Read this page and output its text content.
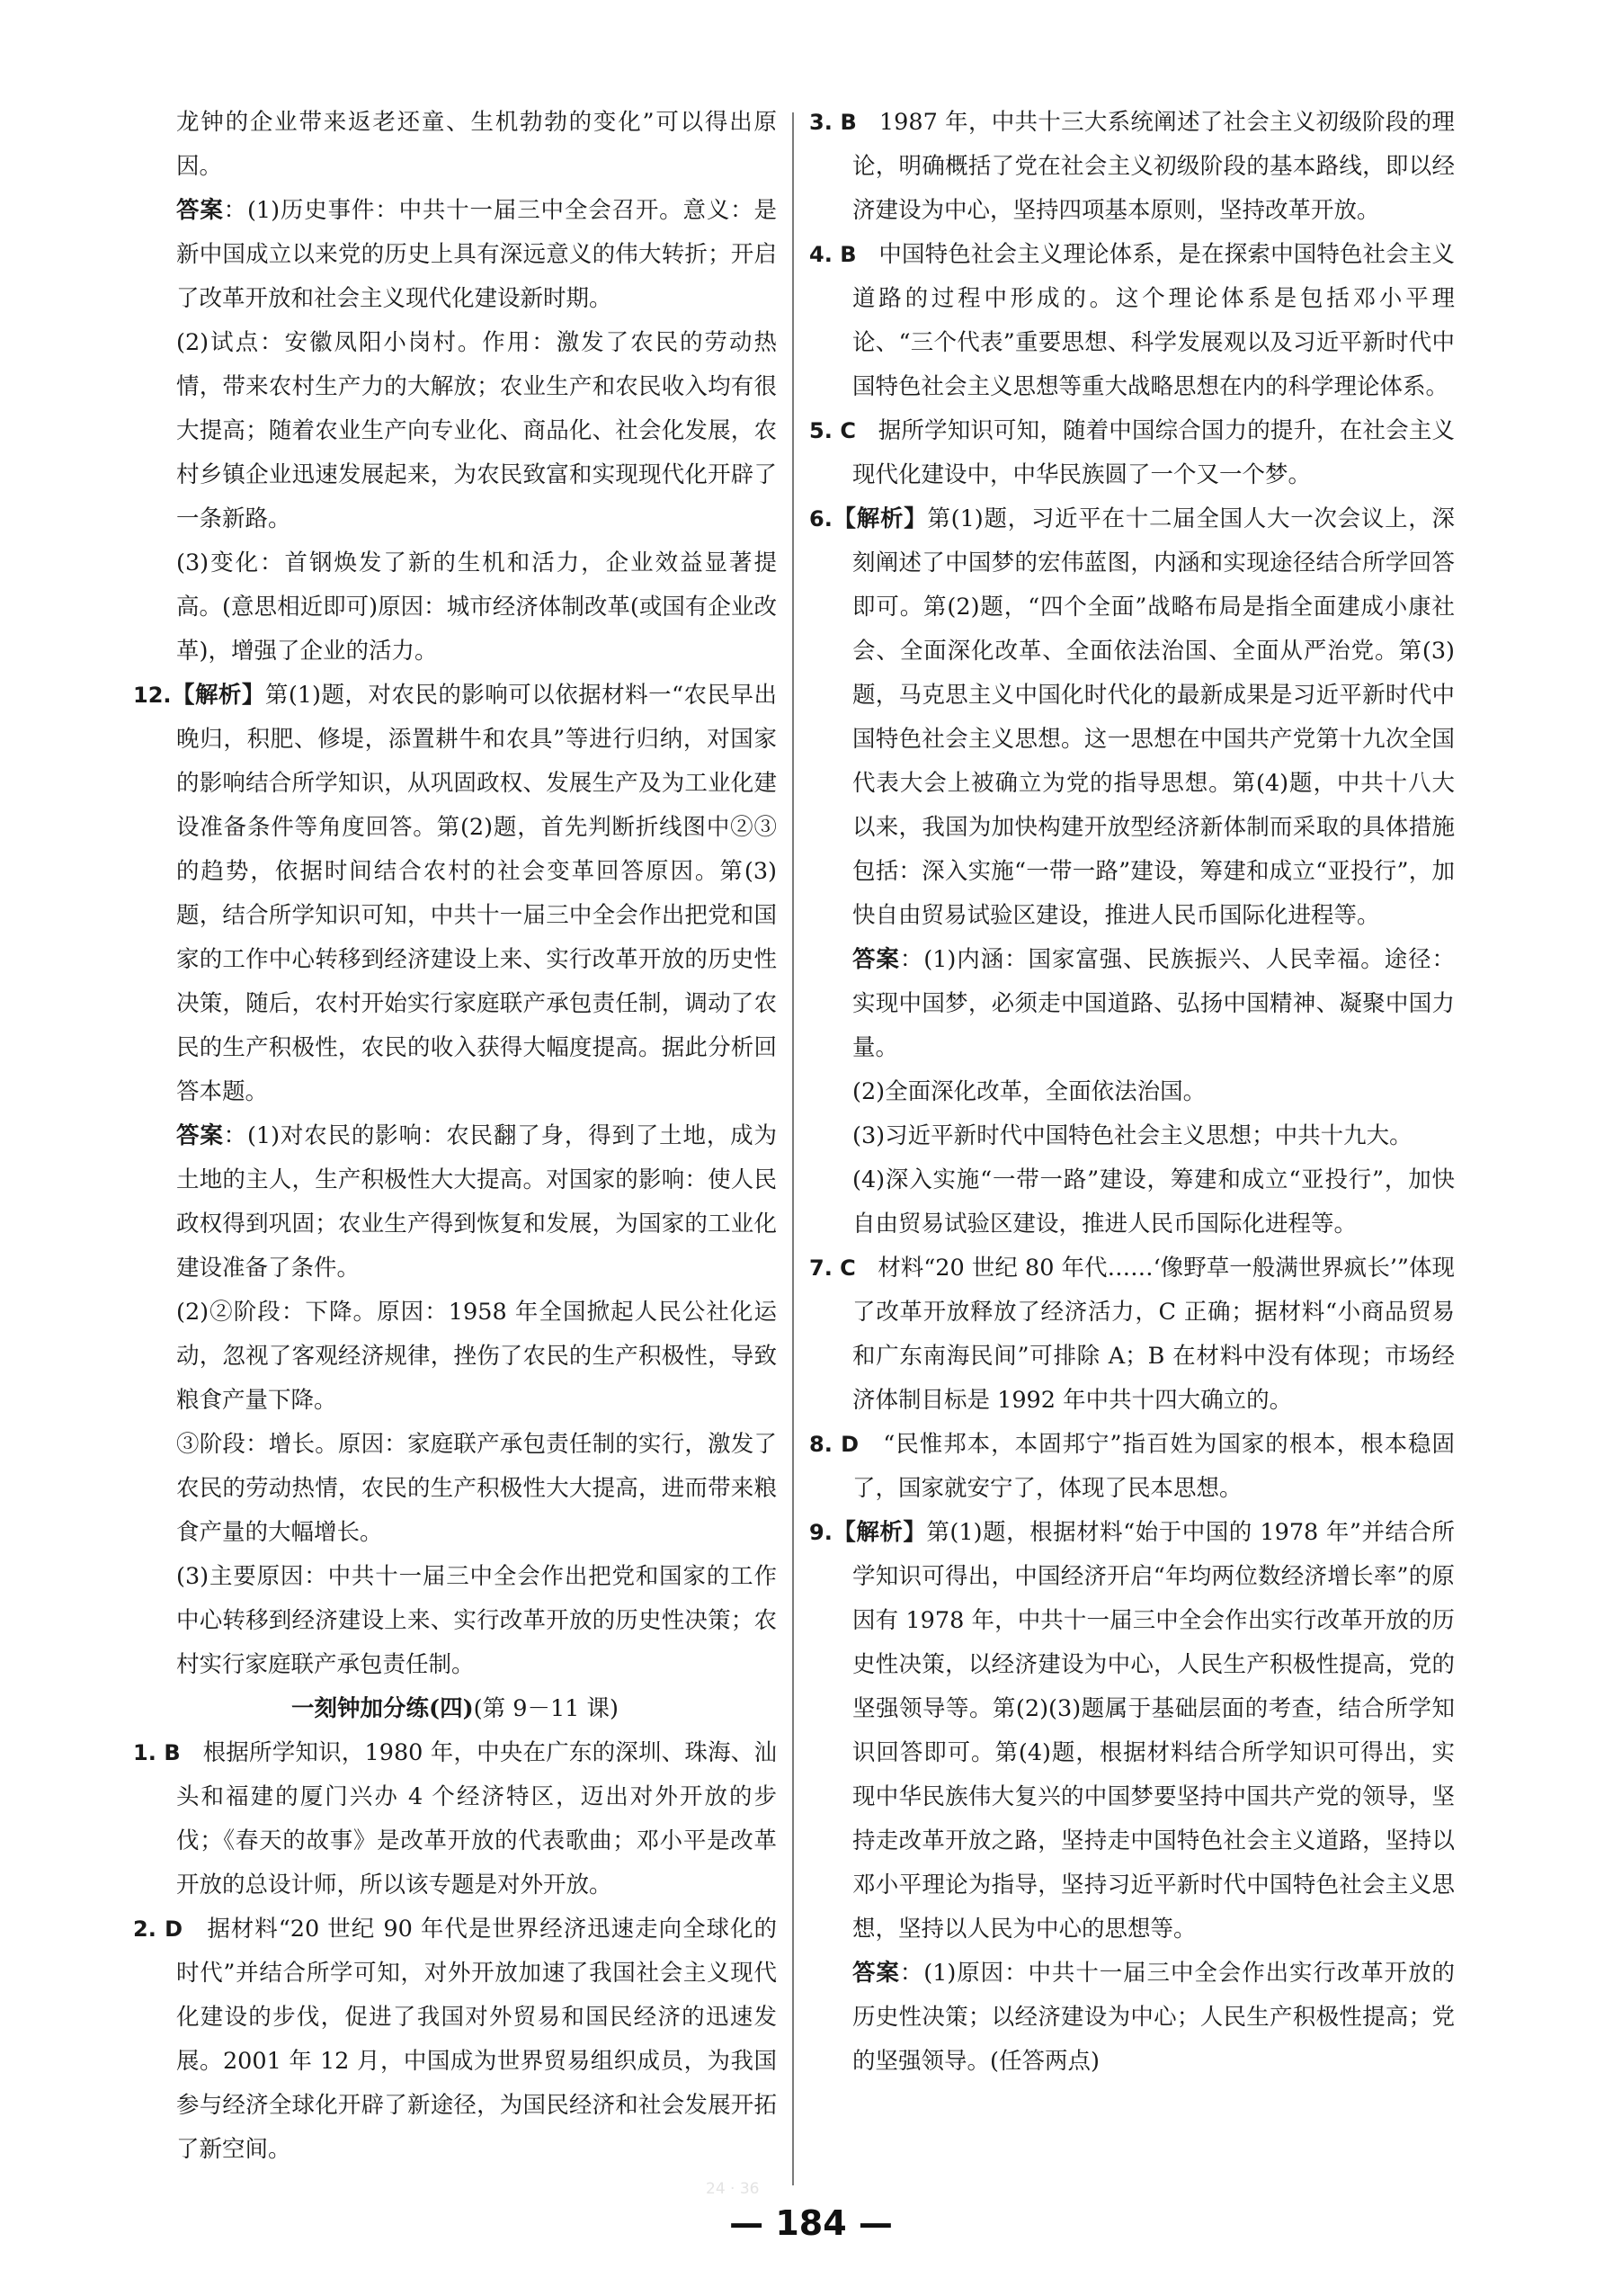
龙钟的企业带来返老还童、生机勃勃的变化”可以得出原因。

答案：(1)历史事件：中共十一届三中全会召开。意义：是新中国成立以来党的历史上具有深远意义的伟大转折；开启了改革开放和社会主义现代化建设新时期。

(2)试点：安徽凤阳小岗村。作用：激发了农民的劳动热情，带来农村生产力的大解放；农业生产和农民收入均有很大提高；随着农业生产向专业化、商品化、社会化发展，农村乡镇企业迅速发展起来，为农民致富和实现现代化开辟了一条新路。

(3)变化：首钢焕发了新的生机和活力，企业效益显著提高。(意思相近即可)原因：城市经济体制改革(或国有企业改革)，增强了企业的活力。

12.【解析】第(1)题，对农民的影响可以依据材料一“农民早出晚归，积肥、修堤，添置耕牛和农具”等进行归纳，对国家的影响结合所学知识，从巩固政权、发展生产及为工业化建设准备条件等角度回答。第(2)题，首先判断折线图中②③的趋势，依据时间结合农村的社会变革回答原因。第(3)题，结合所学知识可知，中共十一届三中全会作出把党和国家的工作中心转移到经济建设上来、实行改革开放的历史性决策，随后，农村开始实行家庭联产承包责任制，调动了农民的生产积极性，农民的收入获得大幅度提高。据此分析回答本题。

答案：(1)对农民的影响：农民翻了身，得到了土地，成为土地的主人，生产积极性大大提高。对国家的影响：使人民政权得到巩固；农业生产得到恢复和发展，为国家的工业化建设准备了条件。

(2)②阶段：下降。原因：1958 年全国掀起人民公社化运动，忽视了客观经济规律，挫伤了农民的生产积极性，导致粮食产量下降。

③阶段：增长。原因：家庭联产承包责任制的实行，激发了农民的劳动热情，农民的生产积极性大大提高，进而带来粮食产量的大幅增长。

(3)主要原因：中共十一届三中全会作出把党和国家的工作中心转移到经济建设上来、实行改革开放的历史性决策；农村实行家庭联产承包责任制。

一刻钟加分练(四)(第 9－11 课)

1. B 根据所学知识，1980 年，中央在广东的深圳、珠海、汕头和福建的厦门兴办 4 个经济特区，迈出对外开放的步伐；《春天的故事》是改革开放的代表歌曲；邓小平是改革开放的总设计师，所以该专题是对外开放。

2. D 据材料“20 世纪 90 年代是世界经济迅速走向全球化的时代”并结合所学可知，对外开放加速了我国社会主义现代化建设的步伐，促进了我国对外贸易和国民经济的迅速发展。2001 年 12 月，中国成为世界贸易组织成员，为我国参与经济全球化开辟了新途径，为国民经济和社会发展开拓了新空间。

3. B 1987 年，中共十三大系统阐述了社会主义初级阶段的理论，明确概括了党在社会主义初级阶段的基本路线，即以经济建设为中心，坚持四项基本原则，坚持改革开放。

4. B 中国特色社会主义理论体系，是在探索中国特色社会主义道路的过程中形成的。这个理论体系是包括邓小平理论、“三个代表”重要思想、科学发展观以及习近平新时代中国特色社会主义思想等重大战略思想在内的科学理论体系。

5. C 据所学知识可知，随着中国综合国力的提升，在社会主义现代化建设中，中华民族圆了一个又一个梦。

6.【解析】第(1)题，习近平在十二届全国人大一次会议上，深刻阐述了中国梦的宏伟蓝图，内涵和实现途径结合所学回答即可。第(2)题，“四个全面”战略布局是指全面建成小康社会、全面深化改革、全面依法治国、全面从严治党。第(3)题，马克思主义中国化时代化的最新成果是习近平新时代中国特色社会主义思想。这一思想在中国共产党第十九次全国代表大会上被确立为党的指导思想。第(4)题，中共十八大以来，我国为加快构建开放型经济新体制而采取的具体措施包括：深入实施“一带一路”建设，筹建和成立“亚投行”，加快自由贸易试验区建设，推进人民币国际化进程等。

答案：(1)内涵：国家富强、民族振兴、人民幸福。途径：实现中国梦，必须走中国道路、弘扬中国精神、凝聚中国力量。

(2)全面深化改革，全面依法治国。

(3)习近平新时代中国特色社会主义思想；中共十九大。

(4)深入实施“一带一路”建设，筹建和成立“亚投行”，加快自由贸易试验区建设，推进人民币国际化进程等。

7. C 材料“20 世纪 80 年代……‘像野草一般满世界疯长’”体现了改革开放释放了经济活力，C 正确；据材料“小商品贸易和广东南海民间”可排除 A；B 在材料中没有体现；市场经济体制目标是 1992 年中共十四大确立的。

8. D “民惟邦本，本固邦宁”指百姓为国家的根本，根本稳固了，国家就安宁了，体现了民本思想。

9.【解析】第(1)题，根据材料“始于中国的 1978 年”并结合所学知识可得出，中国经济开启“年均两位数经济增长率”的原因有 1978 年，中共十一届三中全会作出实行改革开放的历史性决策，以经济建设为中心，人民生产积极性提高，党的坚强领导等。第(2)(3)题属于基础层面的考查，结合所学知识回答即可。第(4)题，根据材料结合所学知识可得出，实现中华民族伟大复兴的中国梦要坚持中国共产党的领导，坚持走改革开放之路，坚持走中国特色社会主义道路，坚持以邓小平理论为指导，坚持习近平新时代中国特色社会主义思想，坚持以人民为中心的思想等。

答案：(1)原因：中共十一届三中全会作出实行改革开放的历史性决策；以经济建设为中心；人民生产积极性提高；党的坚强领导。(任答两点)

24 · 36
— 184 —
